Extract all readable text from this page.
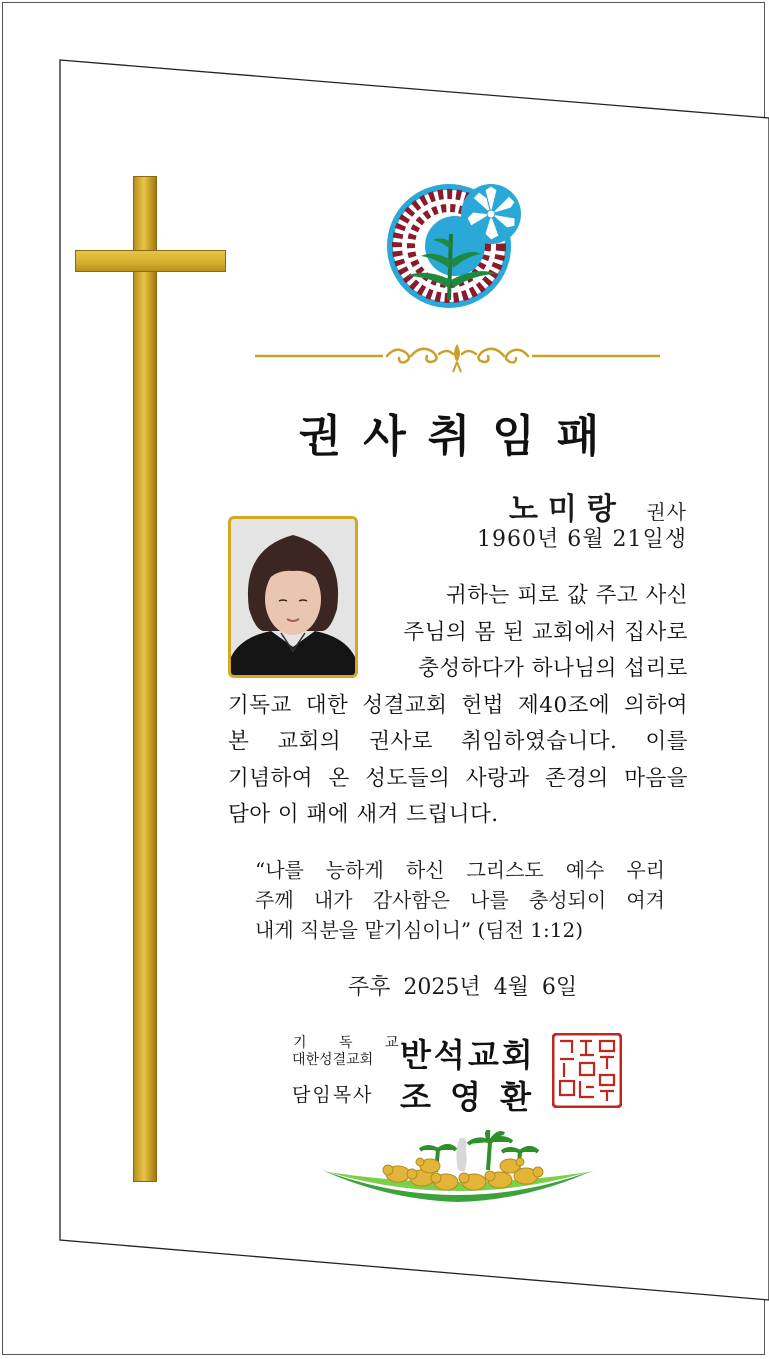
권사취임패
노미랑 권사
1960년 6월 21일생
귀하는 피로 값 주고 사신
주님의 몸 된 교회에서 집사로
충성하다가 하나님의 섭리로
기독교 대한 성결교회 헌법 제40조에 의하여
본 교회의 권사로 취임하였습니다. 이를
기념하여 온 성도들의 사랑과 존경의 마음을
담아 이 패에 새겨 드립니다.
“나를 능하게 하신 그리스도 예수 우리
주께 내가 감사함은 나를 충성되이 여겨
내게 직분을 맡기심이니” (딤전 1:12)
주후 2025년 4월 6일
기 독 교
대한성결교회 반석교회
담임목사 조 영 환
